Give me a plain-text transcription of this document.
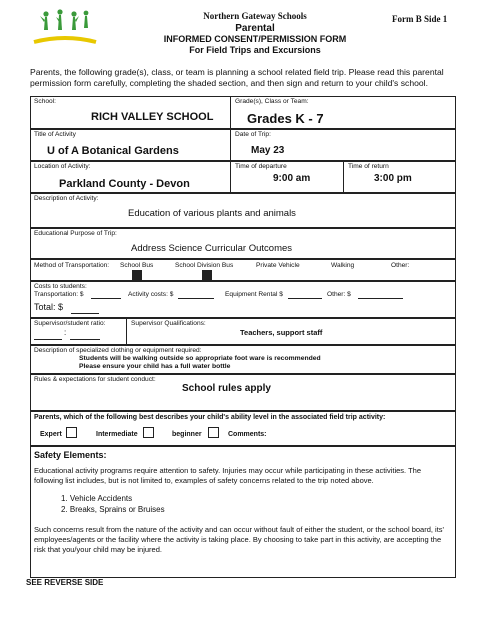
Northern Gateway Schools	Form B Side 1
Parental
INFORMED CONSENT/PERMISSION FORM
For Field Trips and Excursions
Parents, the following grade(s), class, or team is planning a school related field trip. Please read this parental permission form carefully, completing the shaded section, and then sign and return to your child's school.
School:
RICH VALLEY SCHOOL
Grade(s), Class or Team:
Grades K - 7
Title of Activity
U of A Botanical Gardens
Date of Trip:
May 23
Location of Activity:
Parkland County - Devon
Time of departure
9:00 am
Time of return
3:00 pm
Description of Activity:
Education of various plants and animals
Educational Purpose of Trip:
Address Science Curricular Outcomes
Method of Transportation: School Bus	School Division Bus	Private Vehicle	Walking	Other:
Costs to students:
Transportation: $	Activity costs: $	Equipment Rental $	Other: $
Total: $
Supervisor/student ratio:
:
Supervisor Qualifications:
Teachers, support staff
Description of specialized clothing or equipment required:
Students will be walking outside so appropriate foot ware is recommended
Please ensure your child has a full water bottle
Rules & expectations for student conduct:
School rules apply
Parents, which of the following best describes your child's ability level in the associated field trip activity:
Expert	Intermediate	beginner	Comments:
Safety Elements:
Educational activity programs require attention to safety. Injuries may occur while participating in these activities. The following list includes, but is not limited to, examples of safety concerns related to the trip noted above.
1. Vehicle Accidents
2. Breaks, Sprains or Bruises
Such concerns result from the nature of the activity and can occur without fault of either the student, or the school board, its' employees/agents or the facility where the activity is taking place. By choosing to take part in this activity, are accepting the risk that you/your child may be injured.
SEE REVERSE SIDE
